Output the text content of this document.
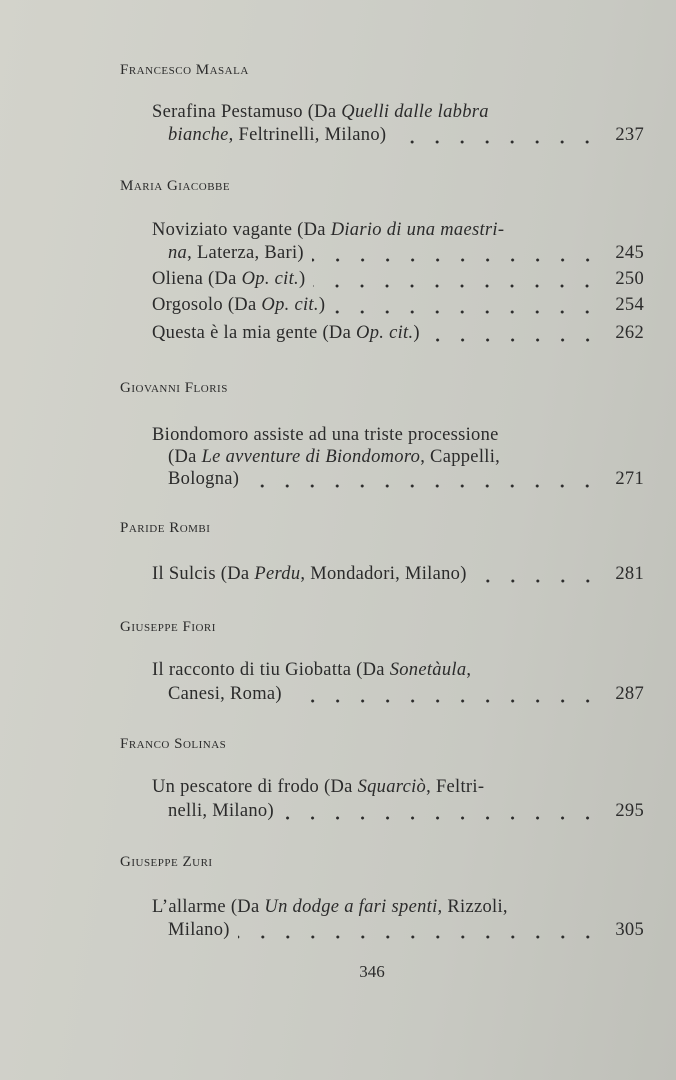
Francesco Masala
Serafina Pestamuso (Da Quelli dalle labbra
bianche, Feltrinelli, Milano)	237
Maria Giacobbe
Noviziato vagante (Da Diario di una maestri-
na, Laterza, Bari)	245
Oliena (Da Op. cit.)	250
Orgosolo (Da Op. cit.)	254
Questa è la mia gente (Da Op. cit.)	262
Giovanni Floris
Biondomoro assiste ad una triste processione
(Da Le avventure di Biondomoro, Cappelli,
Bologna)	271
Paride Rombi
Il Sulcis (Da Perdu, Mondadori, Milano)	281
Giuseppe Fiori
Il racconto di tiu Giobatta (Da Sonetàula,
Canesi, Roma)	287
Franco Solinas
Un pescatore di frodo (Da Squarciò, Feltri-
nelli, Milano)	295
Giuseppe Zuri
L’allarme (Da Un dodge a fari spenti, Rizzoli,
Milano)	305
346
